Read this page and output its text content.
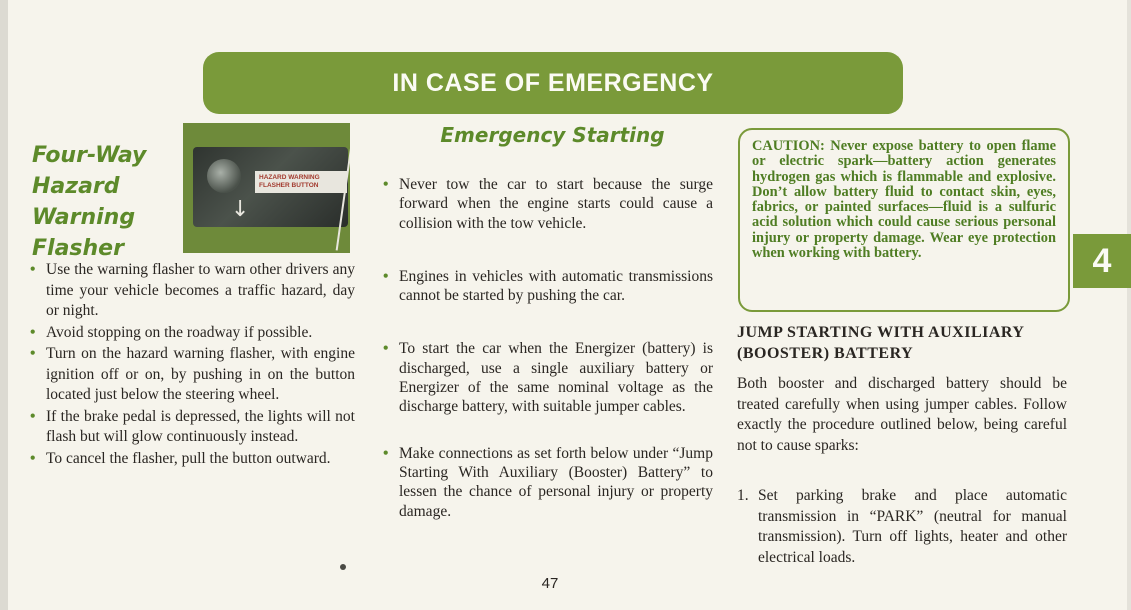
IN CASE OF EMERGENCY
Four-Way
Hazard
Warning
Flasher
HAZARD WARNING FLASHER BUTTON
↓
• Use the warning flasher to warn other drivers any time your vehicle becomes a traffic hazard, day or night.
• Avoid stopping on the roadway if possible.
• Turn on the hazard warning flasher, with engine ignition off or on, by pushing in on the button located just below the steering wheel.
• If the brake pedal is depressed, the lights will not flash but will glow continuously instead.
• To cancel the flasher, pull the button outward.
Emergency Starting
• Never tow the car to start because the surge forward when the engine starts could cause a collision with the tow vehicle.
• Engines in vehicles with automatic transmissions cannot be started by pushing the car.
• To start the car when the Energizer (battery) is discharged, use a single auxiliary battery or Energizer of the same nominal voltage as the discharge battery, with suitable jumper cables.
• Make connections as set forth below under “Jump Starting With Auxiliary (Booster) Battery” to lessen the chance of personal injury or property damage.
47
CAUTION: Never expose battery to open flame or electric spark—battery action generates hydrogen gas which is flammable and explosive. Don’t allow battery fluid to contact skin, eyes, fabrics, or painted surfaces—fluid is a sulfuric acid solution which could cause serious personal injury or property damage. Wear eye protection when working with battery.
JUMP STARTING WITH AUXILIARY (BOOSTER) BATTERY
Both booster and discharged battery should be treated carefully when using jumper cables. Follow exactly the procedure outlined below, being careful not to cause sparks:
1. Set parking brake and place automatic transmission in “PARK” (neutral for manual transmission). Turn off lights, heater and other electrical loads.
4
